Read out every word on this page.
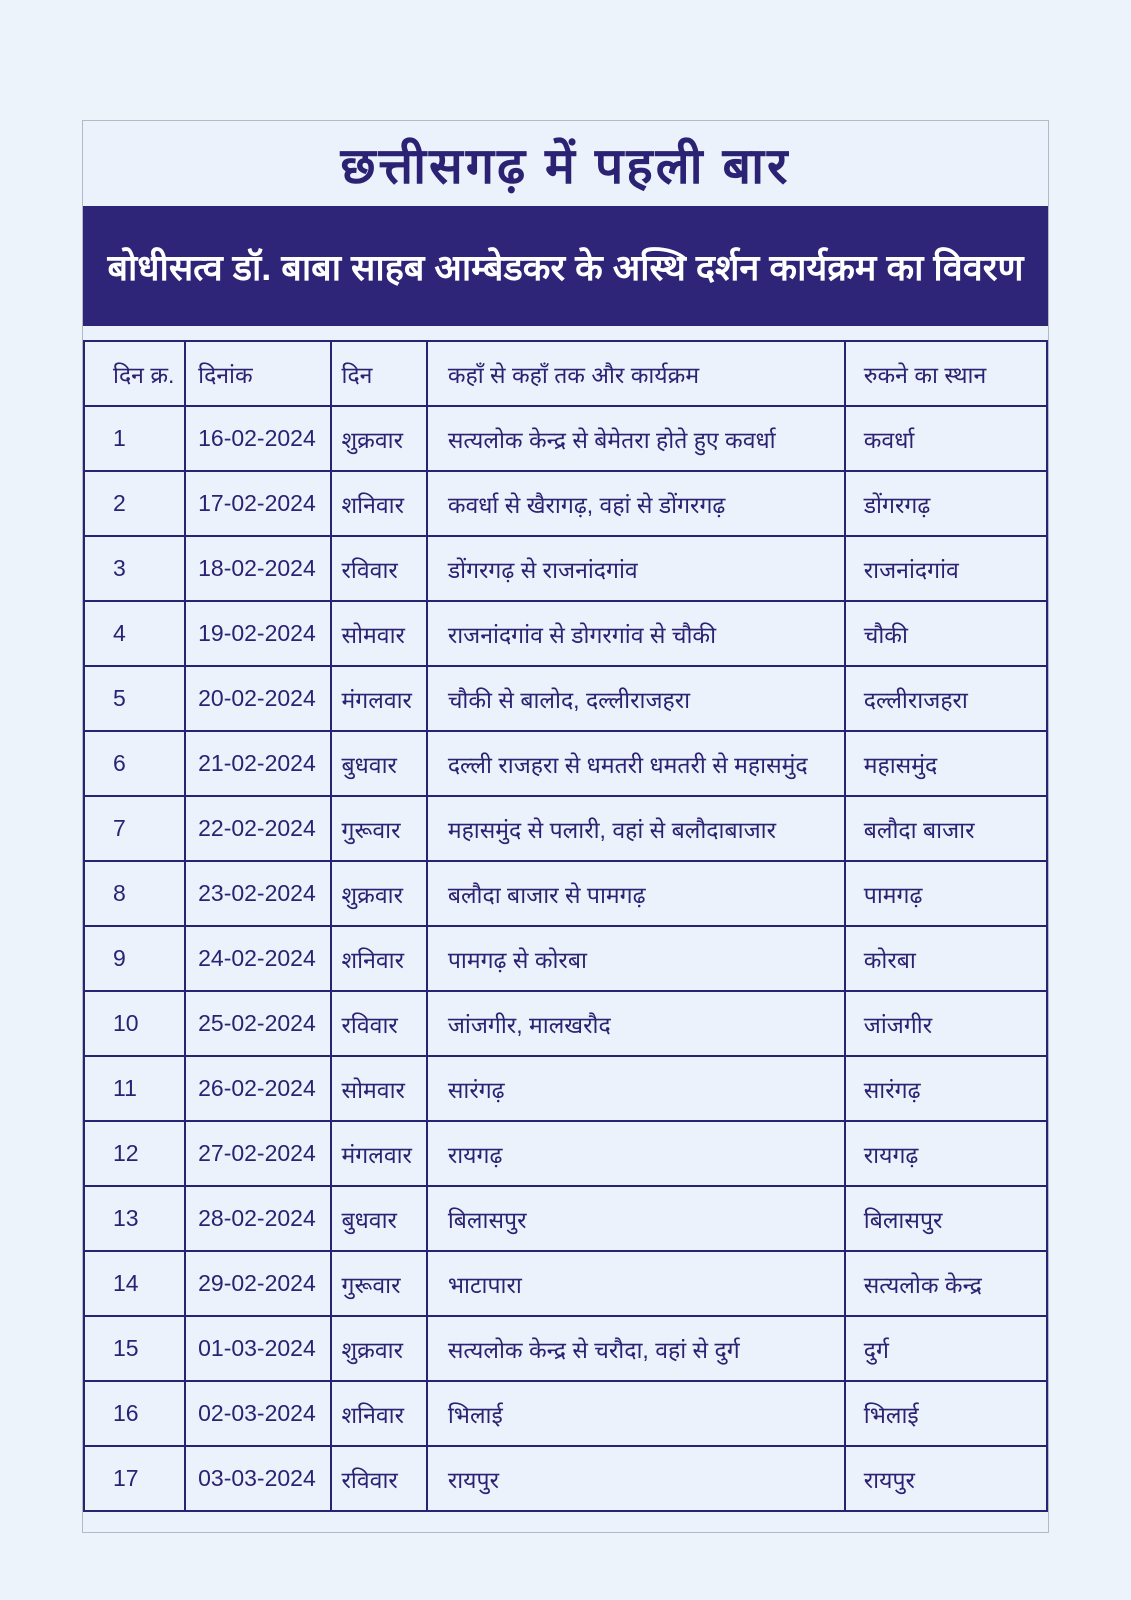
छत्तीसगढ़ में पहली बार
बोधीसत्व डॉ. बाबा साहब आम्बेडकर के अस्थि दर्शन कार्यक्रम का विवरण
दिन क्र.	दिनांक	दिन	कहाँ से कहाँ तक और कार्यक्रम	रुकने का स्थान
1	16-02-2024	शुक्रवार	सत्यलोक केन्द्र से बेमेतरा होते हुए कवर्धा	कवर्धा
2	17-02-2024	शनिवार	कवर्धा से खैरागढ़, वहां से डोंगरगढ़	डोंगरगढ़
3	18-02-2024	रविवार	डोंगरगढ़ से राजनांदगांव	राजनांदगांव
4	19-02-2024	सोमवार	राजनांदगांव से डोगरगांव से चौकी	चौकी
5	20-02-2024	मंगलवार	चौकी से बालोद, दल्लीराजहरा	दल्लीराजहरा
6	21-02-2024	बुधवार	दल्ली राजहरा से धमतरी धमतरी से महासमुंद	महासमुंद
7	22-02-2024	गुरूवार	महासमुंद से पलारी, वहां से बलौदाबाजार	बलौदा बाजार
8	23-02-2024	शुक्रवार	बलौदा बाजार से पामगढ़	पामगढ़
9	24-02-2024	शनिवार	पामगढ़ से कोरबा	कोरबा
10	25-02-2024	रविवार	जांजगीर, मालखरौद	जांजगीर
11	26-02-2024	सोमवार	सारंगढ़	सारंगढ़
12	27-02-2024	मंगलवार	रायगढ़	रायगढ़
13	28-02-2024	बुधवार	बिलासपुर	बिलासपुर
14	29-02-2024	गुरूवार	भाटापारा	सत्यलोक केन्द्र
15	01-03-2024	शुक्रवार	सत्यलोक केन्द्र से चरौदा, वहां से दुर्ग	दुर्ग
16	02-03-2024	शनिवार	भिलाई	भिलाई
17	03-03-2024	रविवार	रायपुर	रायपुर
